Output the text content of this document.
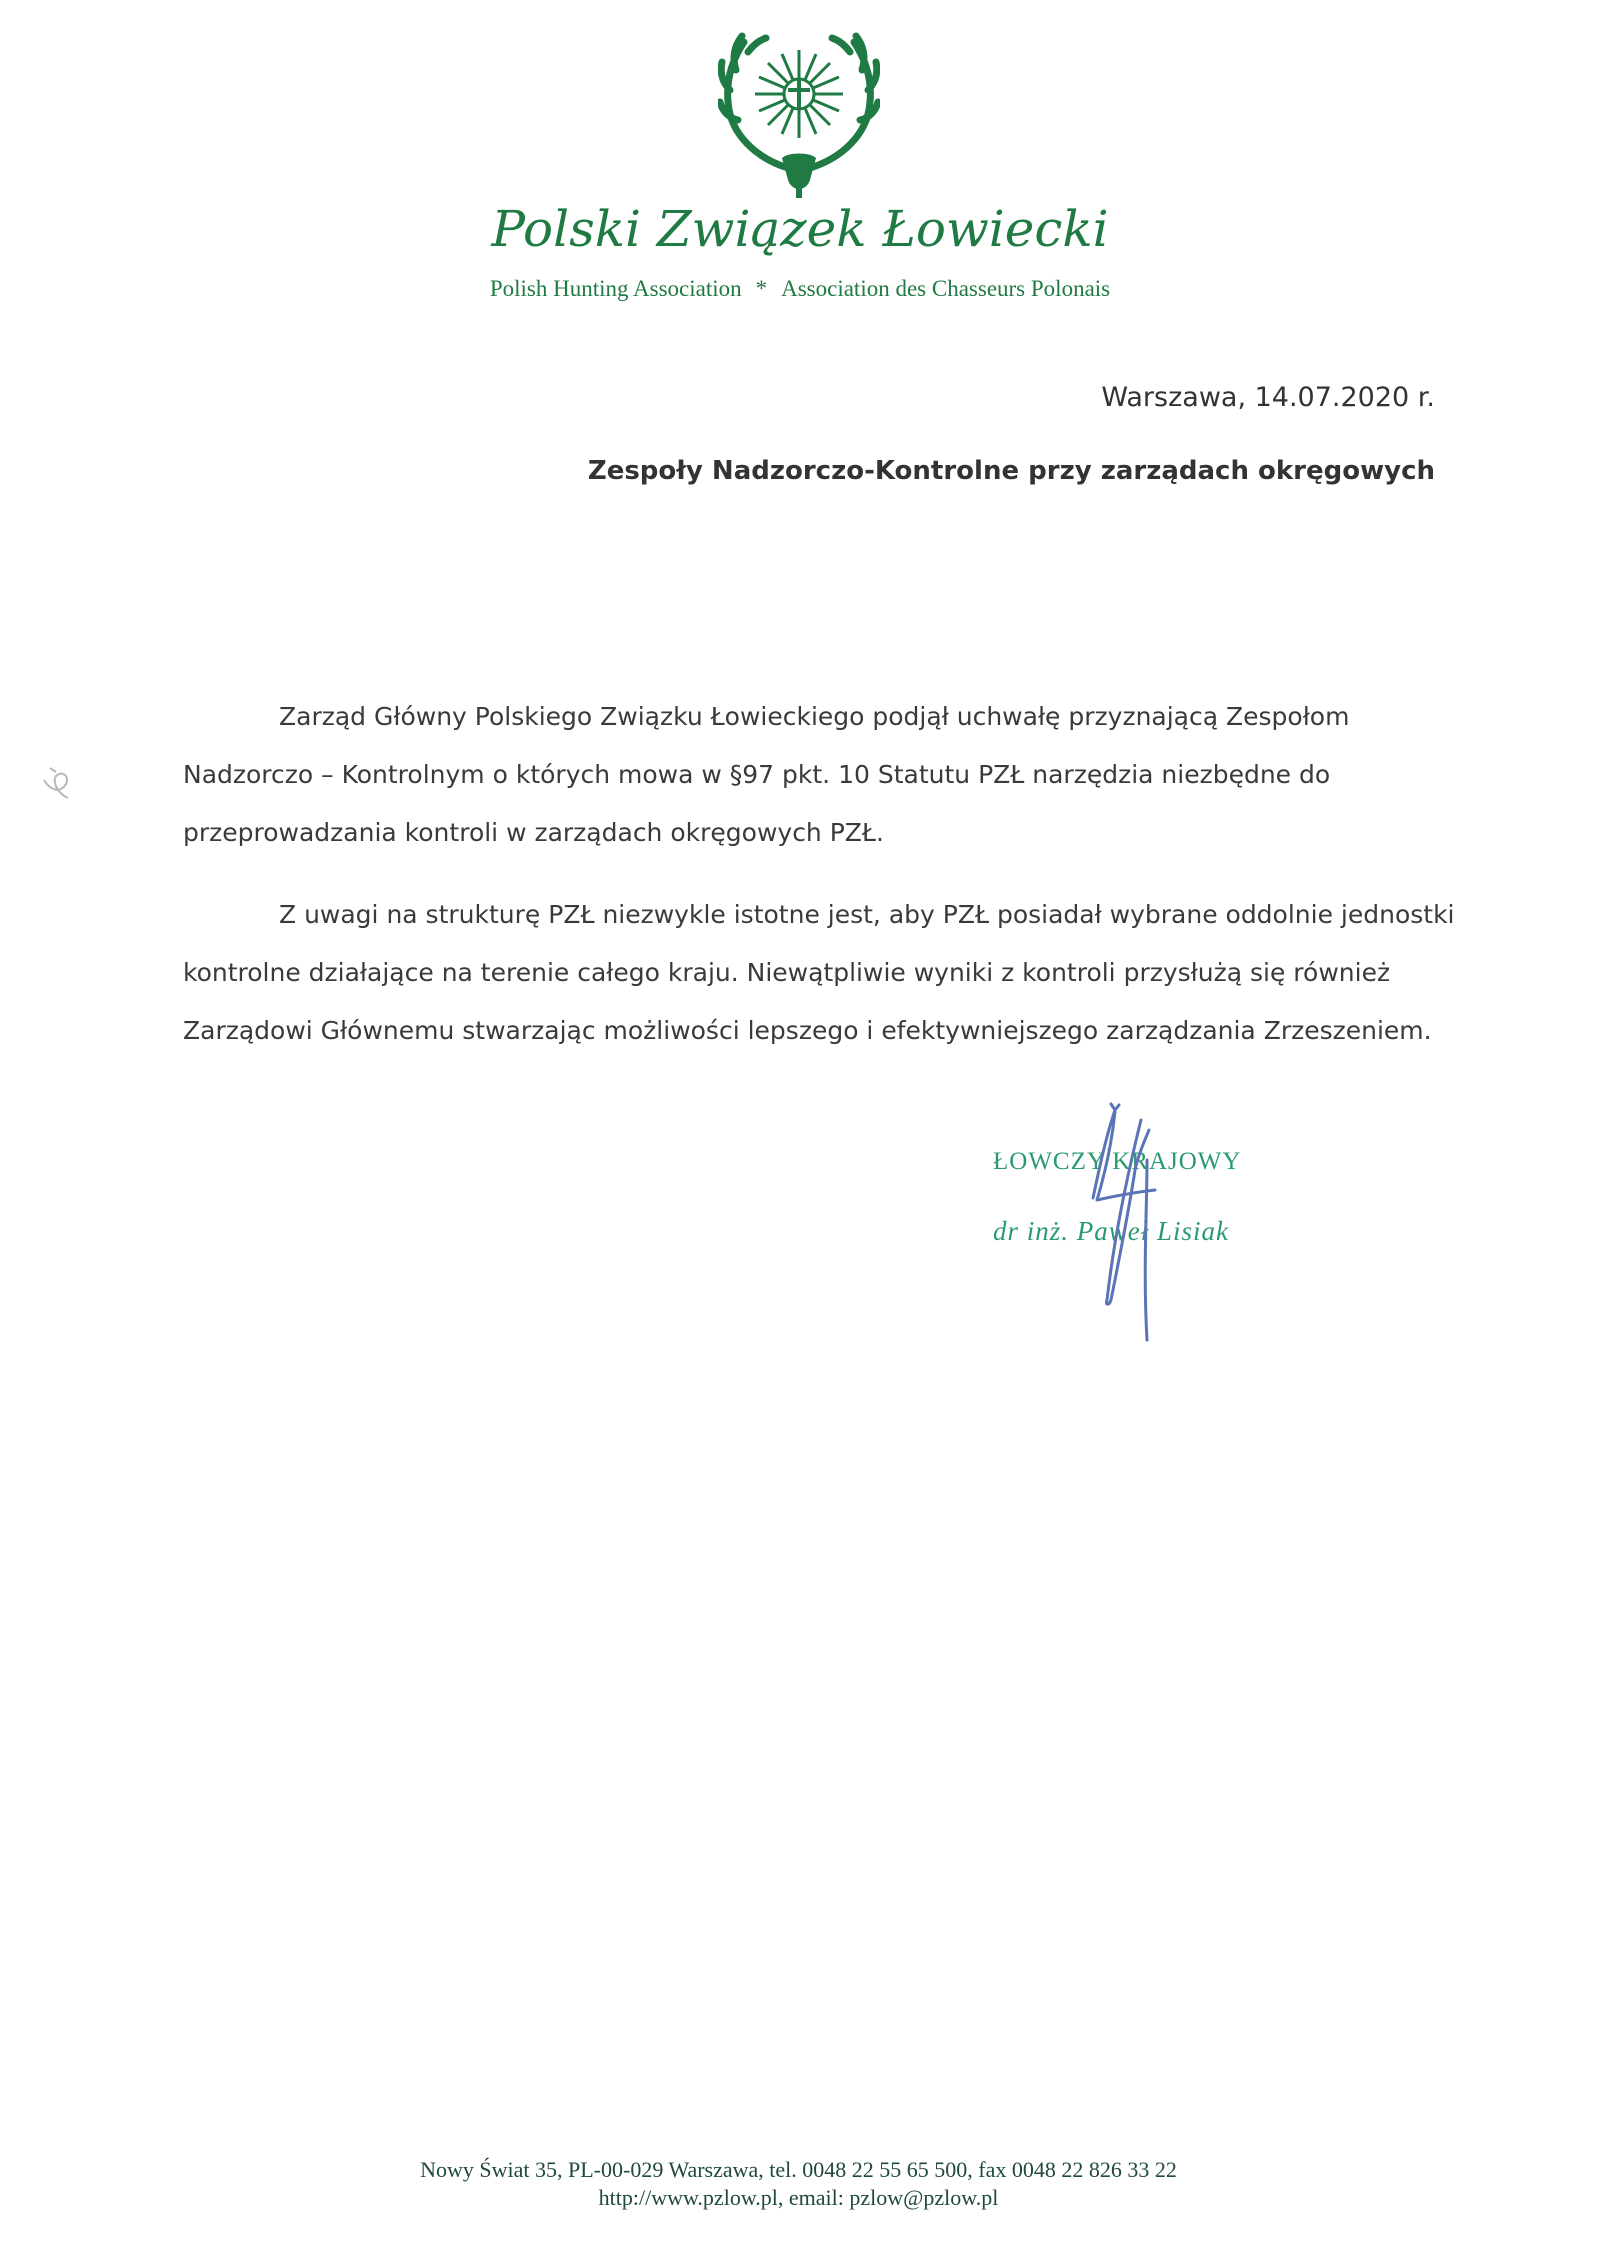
Polski Związek Łowiecki
Polish Hunting Association * Association des Chasseurs Polonais
Warszawa, 14.07.2020 r.
Zespoły Nadzorczo-Kontrolne przy zarządach okręgowych
Zarząd Główny Polskiego Związku Łowieckiego podjął uchwałę przyznającą Zespołom
Nadzorczo – Kontrolnym o których mowa w §97 pkt. 10 Statutu PZŁ narzędzia niezbędne do
przeprowadzania kontroli w zarządach okręgowych PZŁ.
Z uwagi na strukturę PZŁ niezwykle istotne jest, aby PZŁ posiadał wybrane oddolnie jednostki
kontrolne działające na terenie całego kraju. Niewątpliwie wyniki z kontroli przysłużą się również
Zarządowi Głównemu stwarzając możliwości lepszego i efektywniejszego zarządzania Zrzeszeniem.
ŁOWCZY KRAJOWY
dr inż. Paweł Lisiak
Nowy Świat 35, PL-00-029 Warszawa, tel. 0048 22 55 65 500, fax 0048 22 826 33 22
http://www.pzlow.pl, email: pzlow@pzlow.pl
